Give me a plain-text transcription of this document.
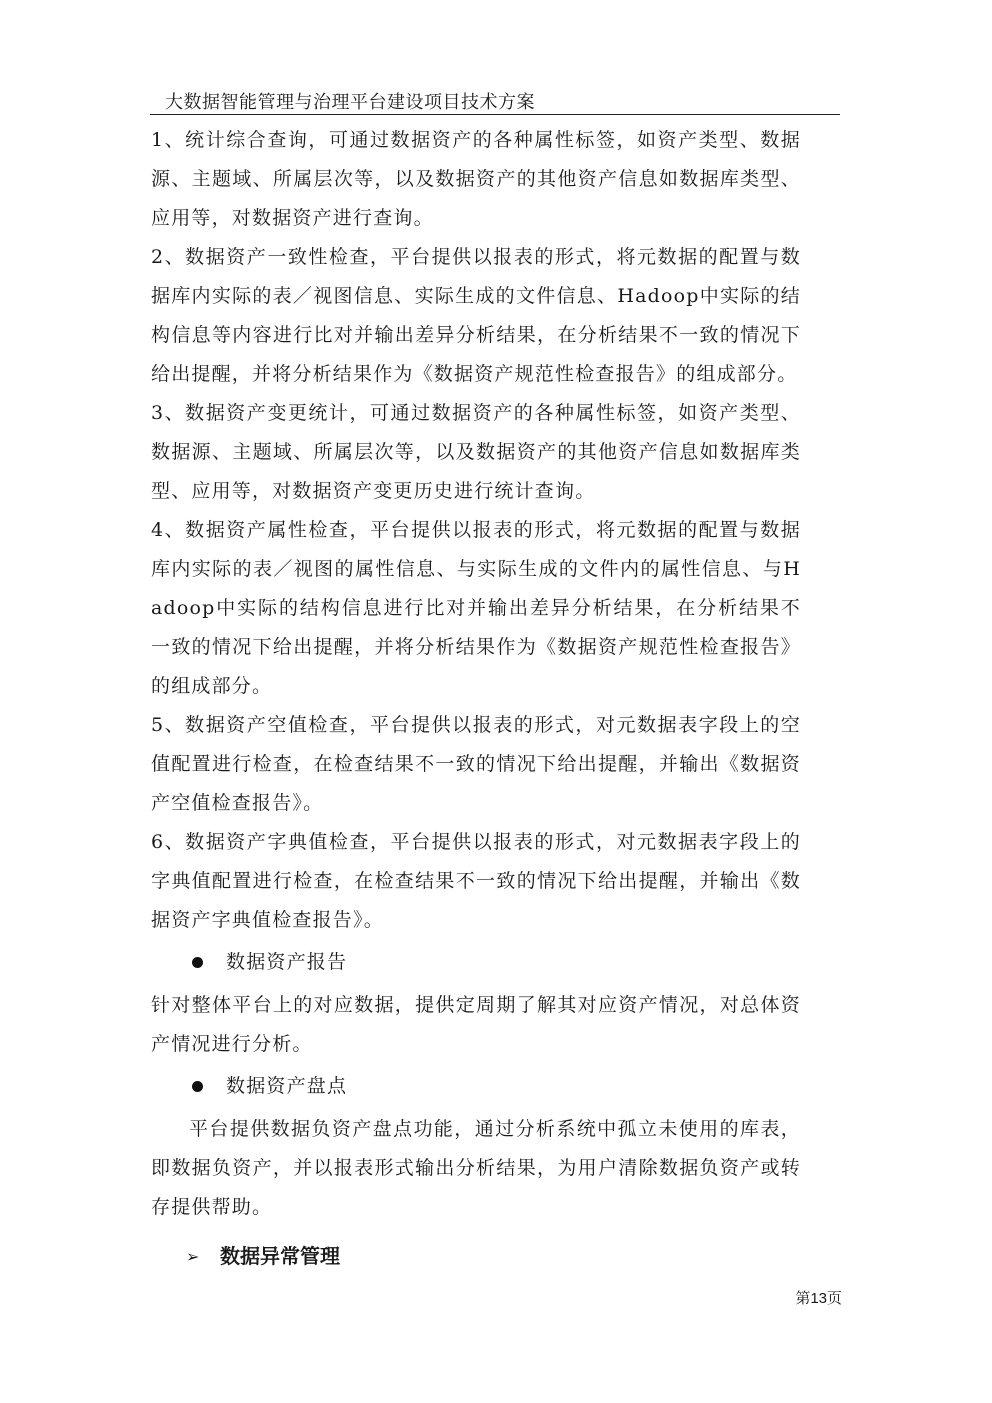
大数据智能管理与治理平台建设项目技术方案

1、统计综合查询，可通过数据资产的各种属性标签，如资产类型、数据源、主题域、所属层次等，以及数据资产的其他资产信息如数据库类型、应用等，对数据资产进行查询。

2、数据资产一致性检查，平台提供以报表的形式，将元数据的配置与数据库内实际的表／视图信息、实际生成的文件信息、Hadoop中实际的结构信息等内容进行比对并输出差异分析结果，在分析结果不一致的情况下给出提醒，并将分析结果作为《数据资产规范性检查报告》的组成部分。

3、数据资产变更统计，可通过数据资产的各种属性标签，如资产类型、数据源、主题域、所属层次等，以及数据资产的其他资产信息如数据库类型、应用等，对数据资产变更历史进行统计查询。

4、数据资产属性检查，平台提供以报表的形式，将元数据的配置与数据库内实际的表／视图的属性信息、与实际生成的文件内的属性信息、与Hadoop中实际的结构信息进行比对并输出差异分析结果，在分析结果不一致的情况下给出提醒，并将分析结果作为《数据资产规范性检查报告》的组成部分。

5、数据资产空值检查，平台提供以报表的形式，对元数据表字段上的空值配置进行检查，在检查结果不一致的情况下给出提醒，并输出《数据资产空值检查报告》。

6、数据资产字典值检查，平台提供以报表的形式，对元数据表字段上的字典值配置进行检查，在检查结果不一致的情况下给出提醒，并输出《数据资产字典值检查报告》。

数据资产报告

针对整体平台上的对应数据，提供定周期了解其对应资产情况，对总体资产情况进行分析。

数据资产盘点

平台提供数据负资产盘点功能，通过分析系统中孤立未使用的库表，即数据负资产，并以报表形式输出分析结果，为用户清除数据负资产或转存提供帮助。

➢ 数据异常管理
第13页
